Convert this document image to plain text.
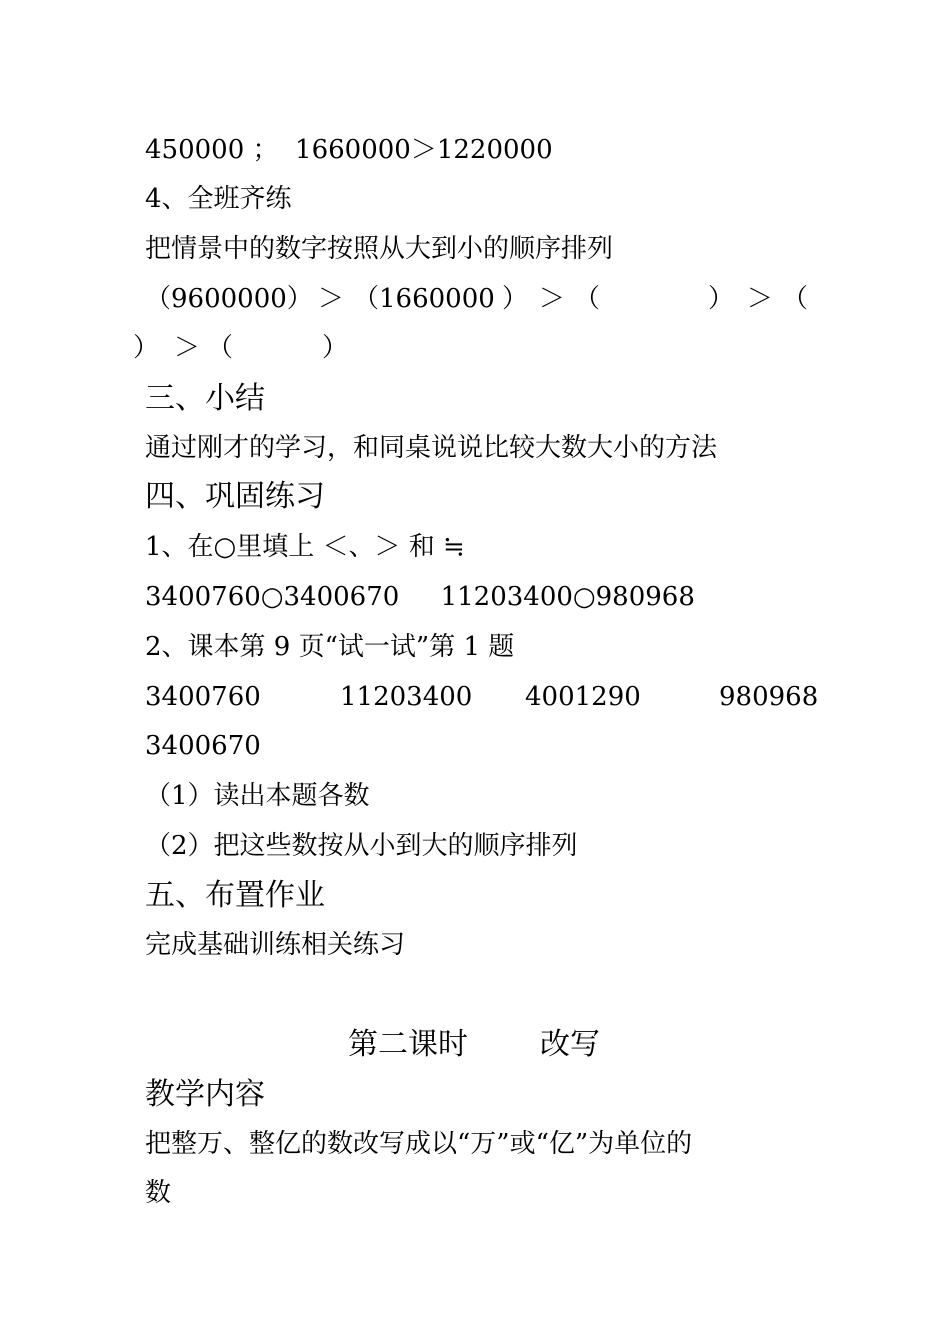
450000 ；  1660000＞1220000
4、全班齐练
把情景中的数字按照从大到小的顺序排列
（9600000） ＞ （1660000 ） ＞ （	） ＞ （
） ＞ （	）
三、小结
通过刚才的学习，和同桌说说比较大数大小的方法
四、巩固练习
1、在○里填上 ＜、＞ 和 ≒
3400760○3400670     11203400○980968
2、课本第 9 页“试一试”第 1 题
3400760	11203400 4001290	980968
3400670
（1）读出本题各数
（2）把这些数按从小到大的顺序排列
五、布置作业
完成基础训练相关练习
第二课时 改写
教学内容
把整万、整亿的数改写成以“万”或“亿”为单位的
数
